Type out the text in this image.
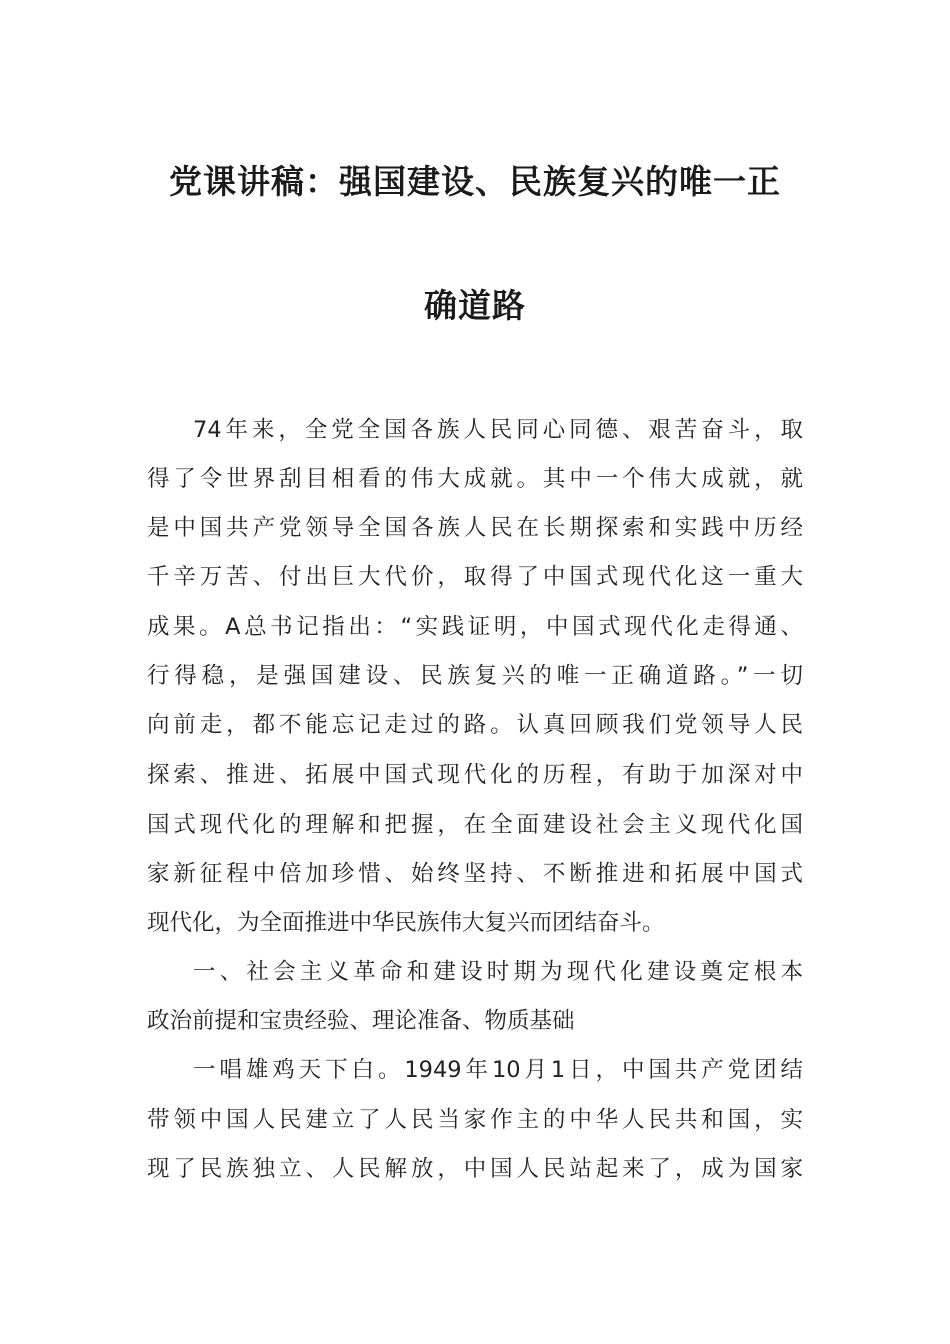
党课讲稿：强国建设、民族复兴的唯一正
确道路
74年来，全党全国各族人民同心同德、艰苦奋斗，取
得了令世界刮目相看的伟大成就。其中一个伟大成就，就
是中国共产党领导全国各族人民在长期探索和实践中历经
千辛万苦、付出巨大代价，取得了中国式现代化这一重大
成果。A总书记指出：“实践证明，中国式现代化走得通、
行得稳，是强国建设、民族复兴的唯一正确道路。”一切
向前走，都不能忘记走过的路。认真回顾我们党领导人民
探索、推进、拓展中国式现代化的历程，有助于加深对中
国式现代化的理解和把握，在全面建设社会主义现代化国
家新征程中倍加珍惜、始终坚持、不断推进和拓展中国式
现代化，为全面推进中华民族伟大复兴而团结奋斗。
一、社会主义革命和建设时期为现代化建设奠定根本
政治前提和宝贵经验、理论准备、物质基础
一唱雄鸡天下白。1949年10月1日，中国共产党团结
带领中国人民建立了人民当家作主的中华人民共和国，实
现了民族独立、人民解放，中国人民站起来了，成为国家
